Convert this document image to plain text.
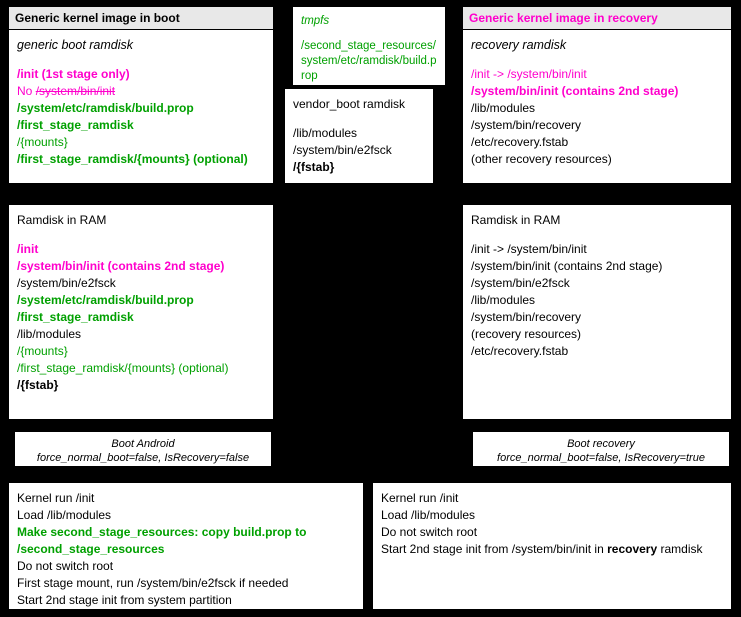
Generic kernel image in boot
generic boot ramdisk
/init (1st stage only)
No /system/bin/init
/system/etc/ramdisk/build.prop
/first_stage_ramdisk
/{mounts}
/first_stage_ramdisk/{mounts} (optional)
tmpfs
/second_stage_resources/system/etc/ramdisk/build.prop
vendor_boot ramdisk
/lib/modules
/system/bin/e2fsck
/{fstab}
Generic kernel image in recovery
recovery ramdisk
/init -> /system/bin/init
/system/bin/init (contains 2nd stage)
/lib/modules
/system/bin/recovery
/etc/recovery.fstab
(other recovery resources)
Ramdisk in RAM
/init
/system/bin/init (contains 2nd stage)
/system/bin/e2fsck
/system/etc/ramdisk/build.prop
/first_stage_ramdisk
/lib/modules
/{mounts}
/first_stage_ramdisk/{mounts} (optional)
/{fstab}
Ramdisk in RAM
/init -> /system/bin/init
/system/bin/init (contains 2nd stage)
/system/bin/e2fsck
/lib/modules
/system/bin/recovery
(recovery resources)
/etc/recovery.fstab
Boot Android
force_normal_boot=false, IsRecovery=false
Boot recovery
force_normal_boot=false, IsRecovery=true
Kernel run /init
Load /lib/modules
Make second_stage_resources: copy build.prop to /second_stage_resources
Do not switch root
First stage mount, run /system/bin/e2fsck if needed
Start 2nd stage init from system partition
Kernel run /init
Load /lib/modules
Do not switch root
Start 2nd stage init from /system/bin/init in recovery ramdisk
